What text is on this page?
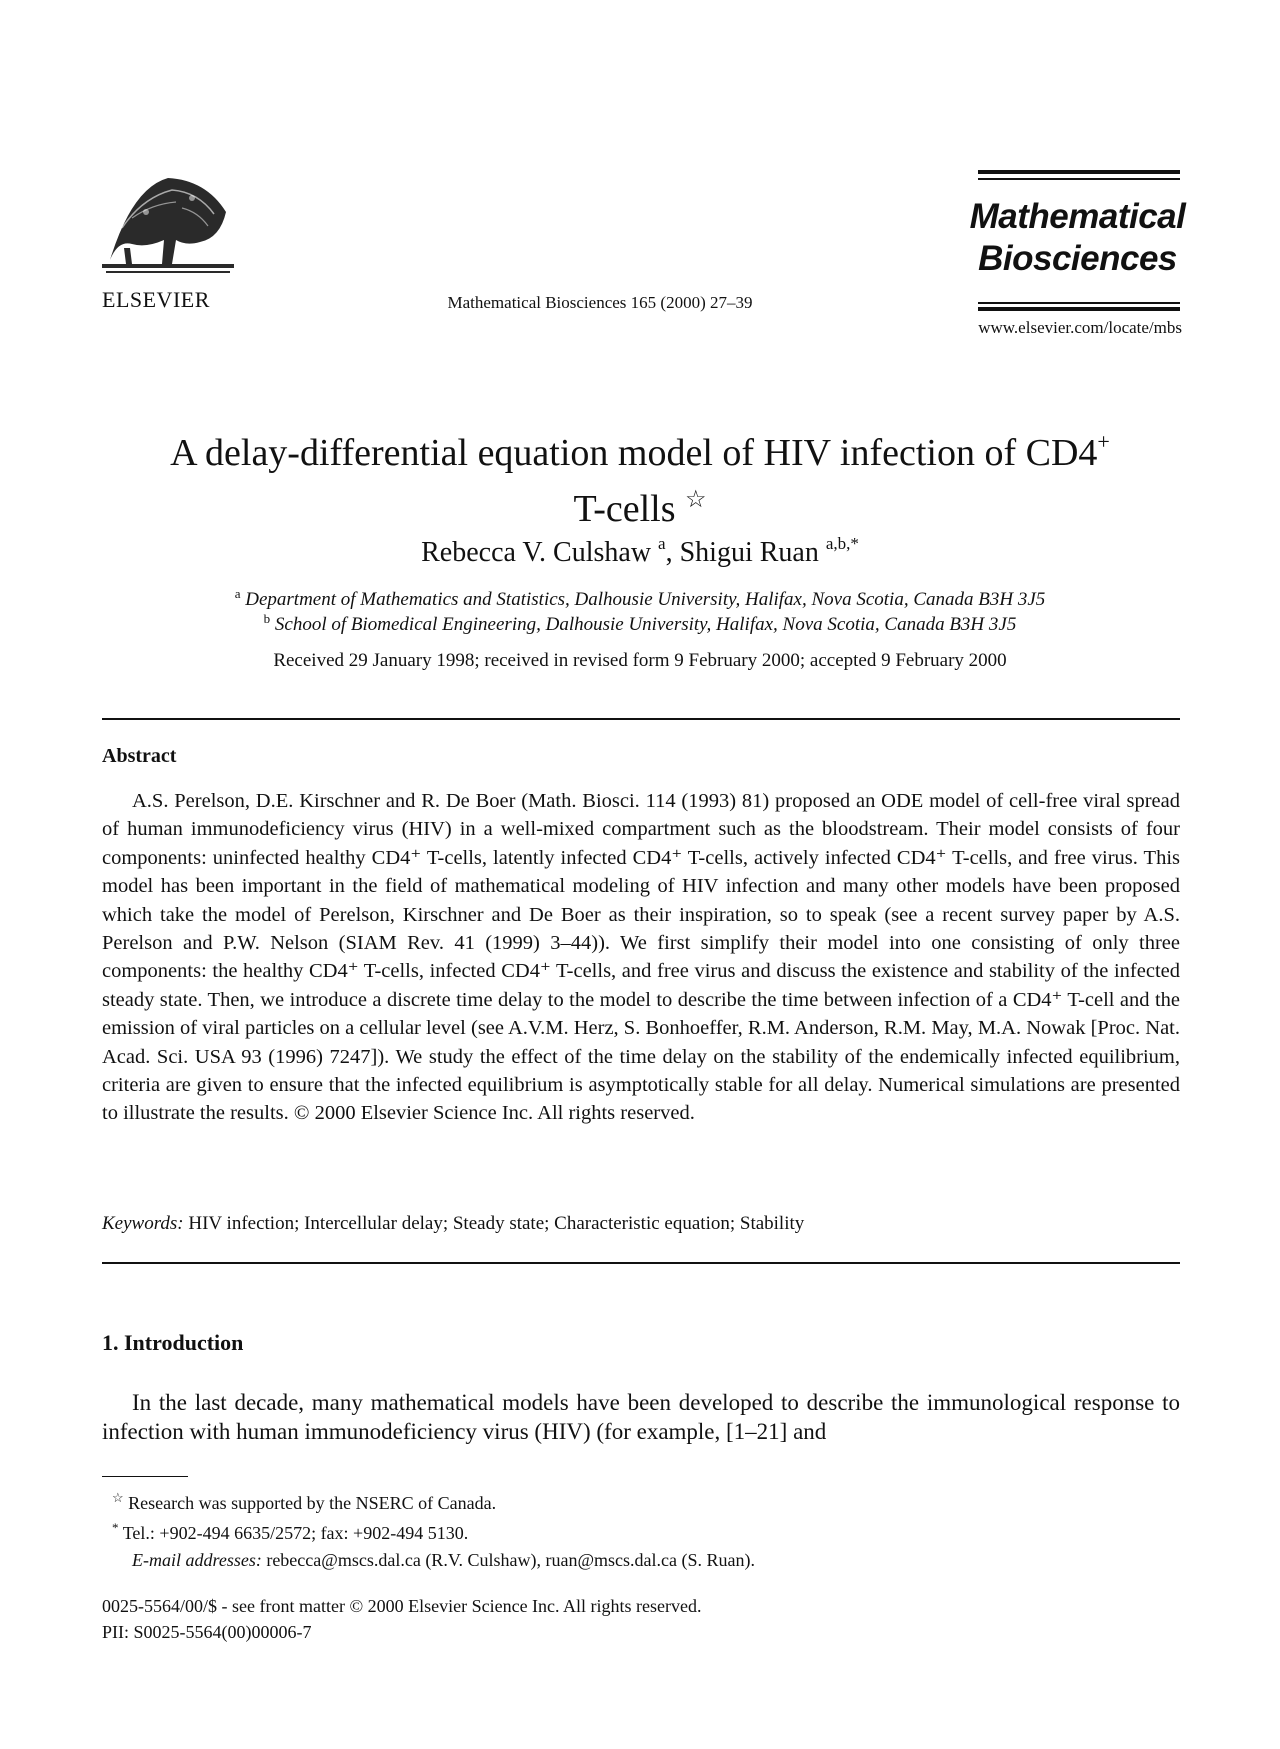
ELSEVIER	Mathematical Biosciences 165 (2000) 27–39
Mathematical
Biosciences
www.elsevier.com/locate/mbs
A delay-differential equation model of HIV infection of CD4+
T-cells ☆
Rebecca V. Culshaw $^a$, Shigui Ruan $^{a,b,*}$
$^a$ Department of Mathematics and Statistics, Dalhousie University, Halifax, Nova Scotia, Canada B3H 3J5
$^b$ School of Biomedical Engineering, Dalhousie University, Halifax, Nova Scotia, Canada B3H 3J5
Received 29 January 1998; received in revised form 9 February 2000; accepted 9 February 2000
Abstract

A.S. Perelson, D.E. Kirschner and R. De Boer (Math. Biosci. 114 (1993) 81) proposed an ODE model of cell-free viral spread of human immunodeficiency virus (HIV) in a well-mixed compartment such as the bloodstream. Their model consists of four components: uninfected healthy CD4⁺ T-cells, latently infected CD4⁺ T-cells, actively infected CD4⁺ T-cells, and free virus. This model has been important in the field of mathematical modeling of HIV infection and many other models have been proposed which take the model of Perelson, Kirschner and De Boer as their inspiration, so to speak (see a recent survey paper by A.S. Perelson and P.W. Nelson (SIAM Rev. 41 (1999) 3–44)). We first simplify their model into one consisting of only three components: the healthy CD4⁺ T-cells, infected CD4⁺ T-cells, and free virus and discuss the existence and stability of the infected steady state. Then, we introduce a discrete time delay to the model to describe the time between infection of a CD4⁺ T-cell and the emission of viral particles on a cellular level (see A.V.M. Herz, S. Bonhoeffer, R.M. Anderson, R.M. May, M.A. Nowak [Proc. Nat. Acad. Sci. USA 93 (1996) 7247]). We study the effect of the time delay on the stability of the endemically infected equilibrium, criteria are given to ensure that the infected equilibrium is asymptotically stable for all delay. Numerical simulations are presented to illustrate the results. © 2000 Elsevier Science Inc. All rights reserved.

Keywords: HIV infection; Intercellular delay; Steady state; Characteristic equation; Stability
1. Introduction

In the last decade, many mathematical models have been developed to describe the immunological response to infection with human immunodeficiency virus (HIV) (for example, [1–21] and

☆ Research was supported by the NSERC of Canada.
* Tel.: +902-494 6635/2572; fax: +902-494 5130.
E-mail addresses: rebecca@mscs.dal.ca (R.V. Culshaw), ruan@mscs.dal.ca (S. Ruan).
0025-5564/00/$ - see front matter © 2000 Elsevier Science Inc. All rights reserved.
PII: S0025-5564(00)00006-7
